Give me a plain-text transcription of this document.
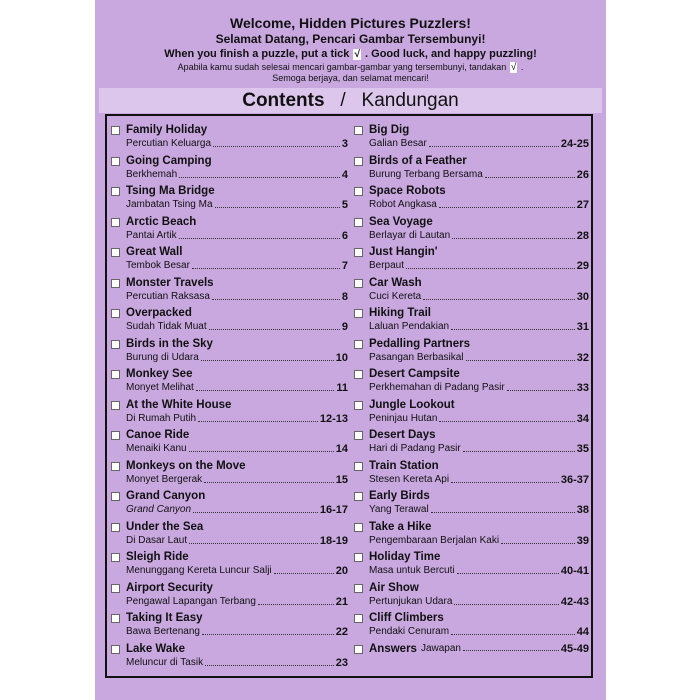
Welcome, Hidden Pictures Puzzlers!
Selamat Datang, Pencari Gambar Tersembunyi!
When you finish a puzzle, put a tick √ . Good luck, and happy puzzling!
Apabila kamu sudah selesai mencari gambar-gambar yang tersembunyi, tandakan √ .
Semoga berjaya, dan selamat mencari!
Contents / Kandungan
Family Holiday
Percutian Keluarga	3
Going Camping
Berkhemah	4
Tsing Ma Bridge
Jambatan Tsing Ma	5
Arctic Beach
Pantai Artik	6
Great Wall
Tembok Besar	7
Monster Travels
Percutian Raksasa	8
Overpacked
Sudah Tidak Muat	9
Birds in the Sky
Burung di Udara	10
Monkey See
Monyet Melihat	11
At the White House
Di Rumah Putih	12-13
Canoe Ride
Menaiki Kanu	14
Monkeys on the Move
Monyet Bergerak	15
Grand Canyon
Grand Canyon	16-17
Under the Sea
Di Dasar Laut	18-19
Sleigh Ride
Menunggang Kereta Luncur Salji	20
Airport Security
Pengawal Lapangan Terbang	21
Taking It Easy
Bawa Bertenang	22
Lake Wake
Meluncur di Tasik	23
Big Dig
Galian Besar	24-25
Birds of a Feather
Burung Terbang Bersama	26
Space Robots
Robot Angkasa	27
Sea Voyage
Berlayar di Lautan	28
Just Hangin'
Berpaut	29
Car Wash
Cuci Kereta	30
Hiking Trail
Laluan Pendakian	31
Pedalling Partners
Pasangan Berbasikal	32
Desert Campsite
Perkhemahan di Padang Pasir	33
Jungle Lookout
Peninjau Hutan	34
Desert Days
Hari di Padang Pasir	35
Train Station
Stesen Kereta Api	36-37
Early Birds
Yang Terawal	38
Take a Hike
Pengembaraan Berjalan Kaki	39
Holiday Time
Masa untuk Bercuti	40-41
Air Show
Pertunjukan Udara	42-43
Cliff Climbers
Pendaki Cenuram	44
Answers Jawapan	45-49
